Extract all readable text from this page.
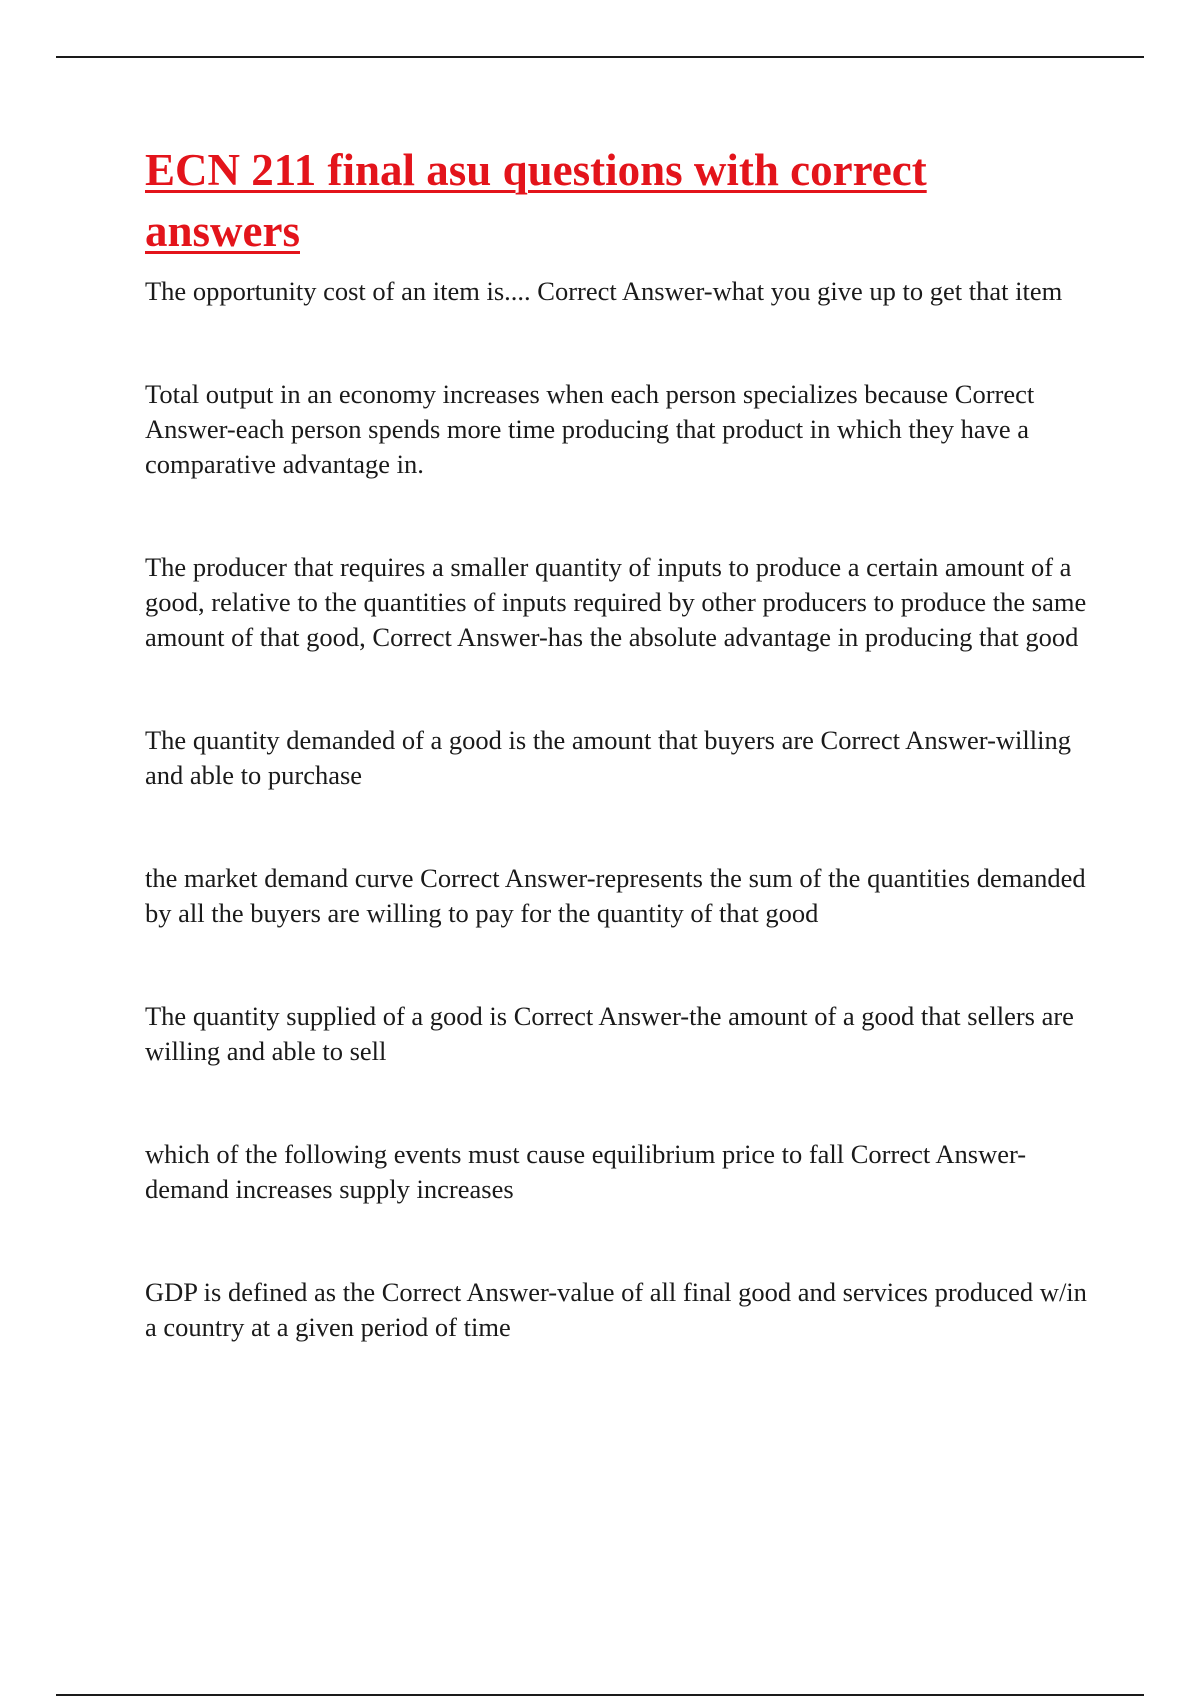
ECN 211 final asu questions with correct answers

The opportunity cost of an item is.... Correct Answer-what you give up to get that item

Total output in an economy increases when each person specializes because Correct Answer-each person spends more time producing that product in which they have a comparative advantage in.

The producer that requires a smaller quantity of inputs to produce a certain amount of a good, relative to the quantities of inputs required by other producers to produce the same amount of that good, Correct Answer-has the absolute advantage in producing that good

The quantity demanded of a good is the amount that buyers are Correct Answer-willing and able to purchase

the market demand curve Correct Answer-represents the sum of the quantities demanded by all the buyers are willing to pay for the quantity of that good

The quantity supplied of a good is Correct Answer-the amount of a good that sellers are willing and able to sell

which of the following events must cause equilibrium price to fall Correct Answer-demand increases supply increases

GDP is defined as the Correct Answer-value of all final good and services produced w/in a country at a given period of time
